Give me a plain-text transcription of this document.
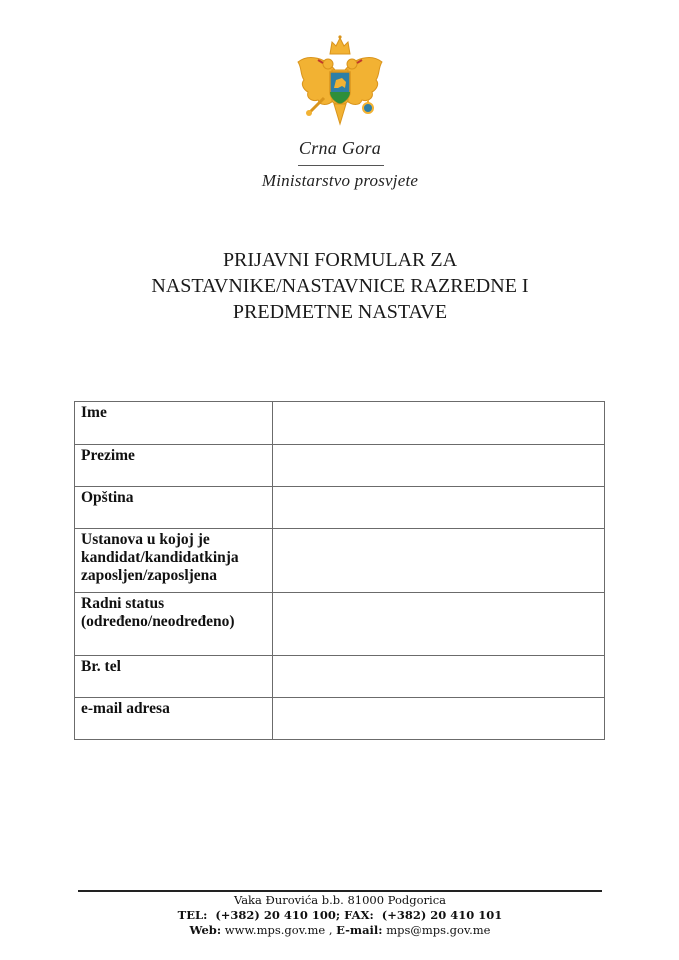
Crna Gora
Ministarstvo prosvjete
PRIJAVNI FORMULAR ZA
NASTAVNIKE/NASTAVNICE RAZREDNE I
PREDMETNE NASTAVE
Ime	
Prezime	
Opština	

Ustanova u kojoj je
kandidat/kandidatkinja
zaposljen/zaposljena

Radni status
(određeno/neodređeno)

Br. tel	
e-mail adresa	
Vaka Đurovića b.b. 81000 Podgorica
TEL: (+382) 20 410 100; FAX: (+382) 20 410 101
Web: www.mps.gov.me , E-mail: mps@mps.gov.me
